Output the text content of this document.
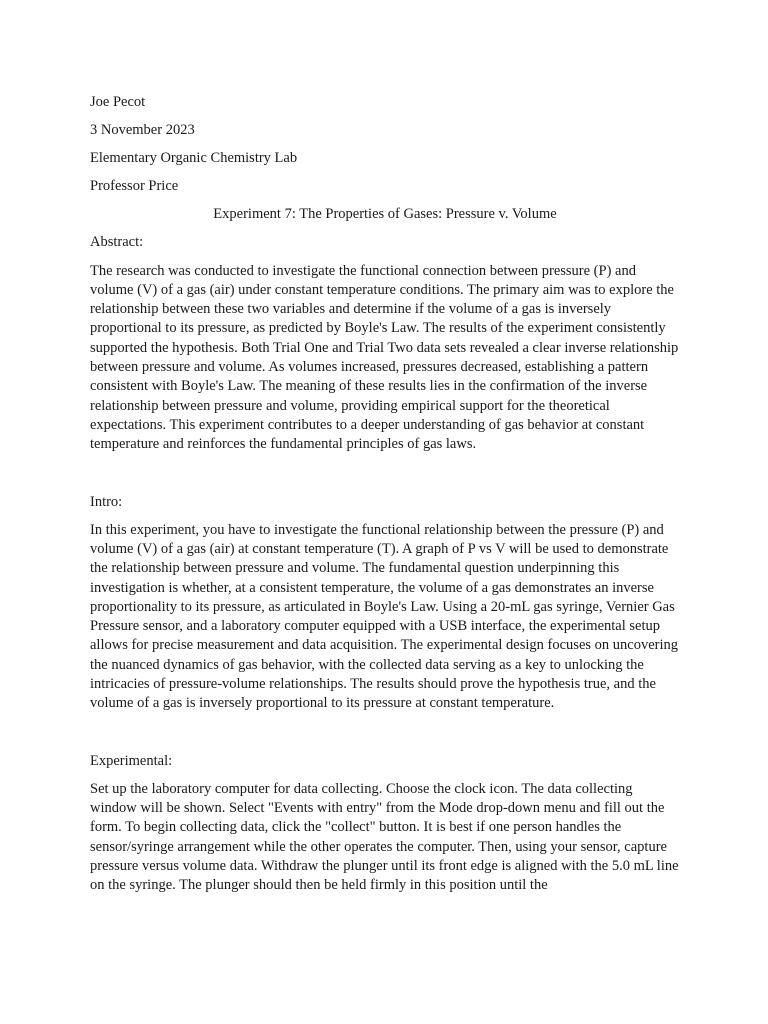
Joe Pecot
3 November 2023
Elementary Organic Chemistry Lab
Professor Price
Experiment 7: The Properties of Gases: Pressure v. Volume
Abstract:

The research was conducted to investigate the functional connection between pressure (P) and volume (V) of a gas (air) under constant temperature conditions. The primary aim was to explore the relationship between these two variables and determine if the volume of a gas is inversely proportional to its pressure, as predicted by Boyle's Law. The results of the experiment consistently supported the hypothesis. Both Trial One and Trial Two data sets revealed a clear inverse relationship between pressure and volume. As volumes increased, pressures decreased, establishing a pattern consistent with Boyle's Law. The meaning of these results lies in the confirmation of the inverse relationship between pressure and volume, providing empirical support for the theoretical expectations. This experiment contributes to a deeper understanding of gas behavior at constant temperature and reinforces the fundamental principles of gas laws.

Intro:

In this experiment, you have to investigate the functional relationship between the pressure (P) and volume (V) of a gas (air) at constant temperature (T). A graph of P vs V will be used to demonstrate the relationship between pressure and volume. The fundamental question underpinning this investigation is whether, at a consistent temperature, the volume of a gas demonstrates an inverse proportionality to its pressure, as articulated in Boyle's Law. Using a 20-mL gas syringe, Vernier Gas Pressure sensor, and a laboratory computer equipped with a USB interface, the experimental setup allows for precise measurement and data acquisition. The experimental design focuses on uncovering the nuanced dynamics of gas behavior, with the collected data serving as a key to unlocking the intricacies of pressure-volume relationships. The results should prove the hypothesis true, and the volume of a gas is inversely proportional to its pressure at constant temperature.

Experimental:

Set up the laboratory computer for data collecting. Choose the clock icon. The data collecting window will be shown. Select "Events with entry" from the Mode drop-down menu and fill out the form. To begin collecting data, click the "collect" button. It is best if one person handles the sensor/syringe arrangement while the other operates the computer. Then, using your sensor, capture pressure versus volume data. Withdraw the plunger until its front edge is aligned with the 5.0 mL line on the syringe. The plunger should then be held firmly in this position until the
